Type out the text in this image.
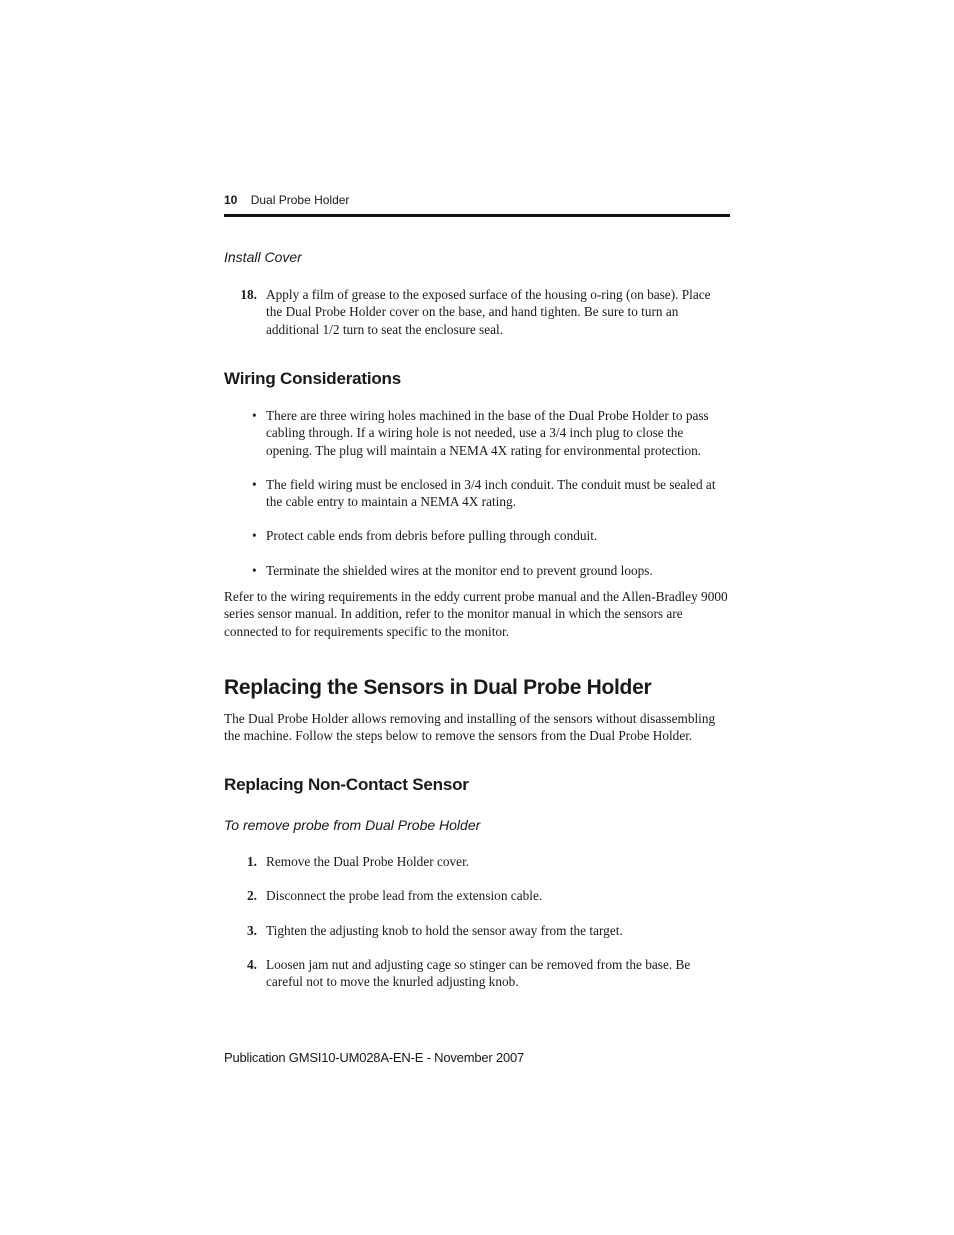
10 Dual Probe Holder
Install Cover
18. Apply a film of grease to the exposed surface of the housing o-ring (on base). Place the Dual Probe Holder cover on the base, and hand tighten. Be sure to turn an additional 1/2 turn to seat the enclosure seal.
Wiring Considerations
• There are three wiring holes machined in the base of the Dual Probe Holder to pass cabling through. If a wiring hole is not needed, use a 3/4 inch plug to close the opening. The plug will maintain a NEMA 4X rating for environmental protection.
• The field wiring must be enclosed in 3/4 inch conduit. The conduit must be sealed at the cable entry to maintain a NEMA 4X rating.
• Protect cable ends from debris before pulling through conduit.
• Terminate the shielded wires at the monitor end to prevent ground loops.
Refer to the wiring requirements in the eddy current probe manual and the Allen-Bradley 9000 series sensor manual. In addition, refer to the monitor manual in which the sensors are connected to for requirements specific to the monitor.
Replacing the Sensors in Dual Probe Holder
The Dual Probe Holder allows removing and installing of the sensors without disassembling the machine. Follow the steps below to remove the sensors from the Dual Probe Holder.
Replacing Non-Contact Sensor
To remove probe from Dual Probe Holder
1. Remove the Dual Probe Holder cover.
2. Disconnect the probe lead from the extension cable.
3. Tighten the adjusting knob to hold the sensor away from the target.
4. Loosen jam nut and adjusting cage so stinger can be removed from the base. Be careful not to move the knurled adjusting knob.
Publication GMSI10-UM028A-EN-E - November 2007
